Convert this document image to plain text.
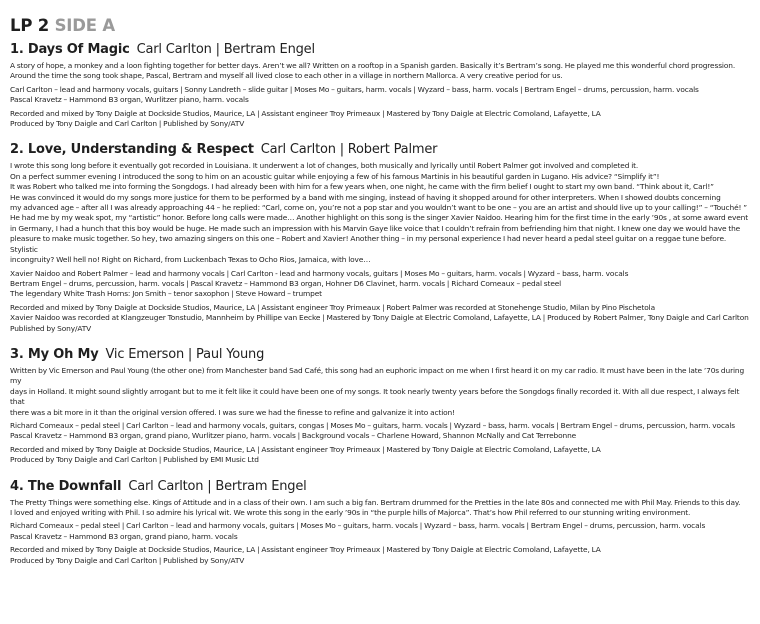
LP 2 SIDE A
1. Days Of Magic Carl Carlton | Bertram Engel
A story of hope, a monkey and a loon fighting together for better days. Aren’t we all? Written on a rooftop in a Spanish garden. Basically it’s Bertram’s song. He played me this wonderful chord progression.
Around the time the song took shape, Pascal, Bertram and myself all lived close to each other in a village in northern Mallorca. A very creative period for us.
Carl Carlton – lead and harmony vocals, guitars | Sonny Landreth – slide guitar | Moses Mo – guitars, harm. vocals | Wyzard – bass, harm. vocals | Bertram Engel – drums, percussion, harm. vocals
Pascal Kravetz – Hammond B3 organ, Wurlitzer piano, harm. vocals
Recorded and mixed by Tony Daigle at Dockside Studios, Maurice, LA | Assistant engineer Troy Primeaux | Mastered by Tony Daigle at Electric Comoland, Lafayette, LA
Produced by Tony Daigle and Carl Carlton | Published by Sony/ATV
2. Love, Understanding & Respect Carl Carlton | Robert Palmer
I wrote this song long before it eventually got recorded in Louisiana. It underwent a lot of changes, both musically and lyrically until Robert Palmer got involved and completed it.
On a perfect summer evening I introduced the song to him on an acoustic guitar while enjoying a few of his famous Martinis in his beautiful garden in Lugano. His advice? “Simplify it”!
It was Robert who talked me into forming the Songdogs. I had already been with him for a few years when, one night, he came with the firm belief I ought to start my own band. “Think about it, Carl!”
He was convinced it would do my songs more justice for them to be performed by a band with me singing, instead of having it shopped around for other interpreters. When I showed doubts concerning
my advanced age – after all I was already approaching 44 – he replied: “Carl, come on, you’re not a pop star and you wouldn’t want to be one – you are an artist and should live up to your calling!” – “Touché! ”
He had me by my weak spot, my “artistic” honor. Before long calls were made… Another highlight on this song is the singer Xavier Naidoo. Hearing him for the first time in the early ’90s , at some award event
in Germany, I had a hunch that this boy would be huge. He made such an impression with his Marvin Gaye like voice that I couldn’t refrain from befriending him that night. I knew one day we would have the
pleasure to make music together. So hey, two amazing singers on this one – Robert and Xavier! Another thing – in my personal experience I had never heard a pedal steel guitar on a reggae tune before. Stylistic
incongruity? Well hell no! Right on Richard, from Luckenbach Texas to Ocho Rios, Jamaica, with love…
Xavier Naidoo and Robert Palmer – lead and harmony vocals | Carl Carlton - lead and harmony vocals, guitars | Moses Mo – guitars, harm. vocals | Wyzard – bass, harm. vocals
Bertram Engel – drums, percussion, harm. vocals | Pascal Kravetz – Hammond B3 organ, Hohner D6 Clavinet, harm. vocals | Richard Comeaux – pedal steel
The legendary White Trash Horns: Jon Smith – tenor saxophon | Steve Howard – trumpet
Recorded and mixed by Tony Daigle at Dockside Studios, Maurice, LA | Assistant engineer Troy Primeaux | Robert Palmer was recorded at Stonehenge Studio, Milan by Pino Pischetola
Xavier Naidoo was recorded at Klangzeuger Tonstudio, Mannheim by Phillipe van Eecke | Mastered by Tony Daigle at Electric Comoland, Lafayette, LA | Produced by Robert Palmer, Tony Daigle and Carl Carlton
Published by Sony/ATV
3. My Oh My Vic Emerson | Paul Young
Written by Vic Emerson and Paul Young (the other one) from Manchester band Sad Café, this song had an euphoric impact on me when I first heard it on my car radio. It must have been in the late ’70s during my
days in Holland. It might sound slightly arrogant but to me it felt like it could have been one of my songs. It took nearly twenty years before the Songdogs finally recorded it. With all due respect, I always felt that
there was a bit more in it than the original version offered. I was sure we had the finesse to refine and galvanize it into action!
Richard Comeaux – pedal steel | Carl Carlton – lead and harmony vocals, guitars, congas | Moses Mo – guitars, harm. vocals | Wyzard – bass, harm. vocals | Bertram Engel – drums, percussion, harm. vocals
Pascal Kravetz – Hammond B3 organ, grand piano, Wurlitzer piano, harm. vocals | Background vocals – Charlene Howard, Shannon McNally and Cat Terrebonne
Recorded and mixed by Tony Daigle at Dockside Studios, Maurice, LA | Assistant engineer Troy Primeaux | Mastered by Tony Daigle at Electric Comoland, Lafayette, LA
Produced by Tony Daigle and Carl Carlton | Published by EMI Music Ltd
4. The Downfall Carl Carlton | Bertram Engel
The Pretty Things were something else. Kings of Attitude and in a class of their own. I am such a big fan. Bertram drummed for the Pretties in the late 80s and connected me with Phil May. Friends to this day.
I loved and enjoyed writing with Phil. I so admire his lyrical wit. We wrote this song in the early ’90s in “the purple hills of Majorca”. That’s how Phil referred to our stunning writing environment.
Richard Comeaux – pedal steel | Carl Carlton – lead and harmony vocals, guitars | Moses Mo – guitars, harm. vocals | Wyzard – bass, harm. vocals | Bertram Engel – drums, percussion, harm. vocals
Pascal Kravetz – Hammond B3 organ, grand piano, harm. vocals
Recorded and mixed by Tony Daigle at Dockside Studios, Maurice, LA | Assistant engineer Troy Primeaux | Mastered by Tony Daigle at Electric Comoland, Lafayette, LA
Produced by Tony Daigle and Carl Carlton | Published by Sony/ATV
